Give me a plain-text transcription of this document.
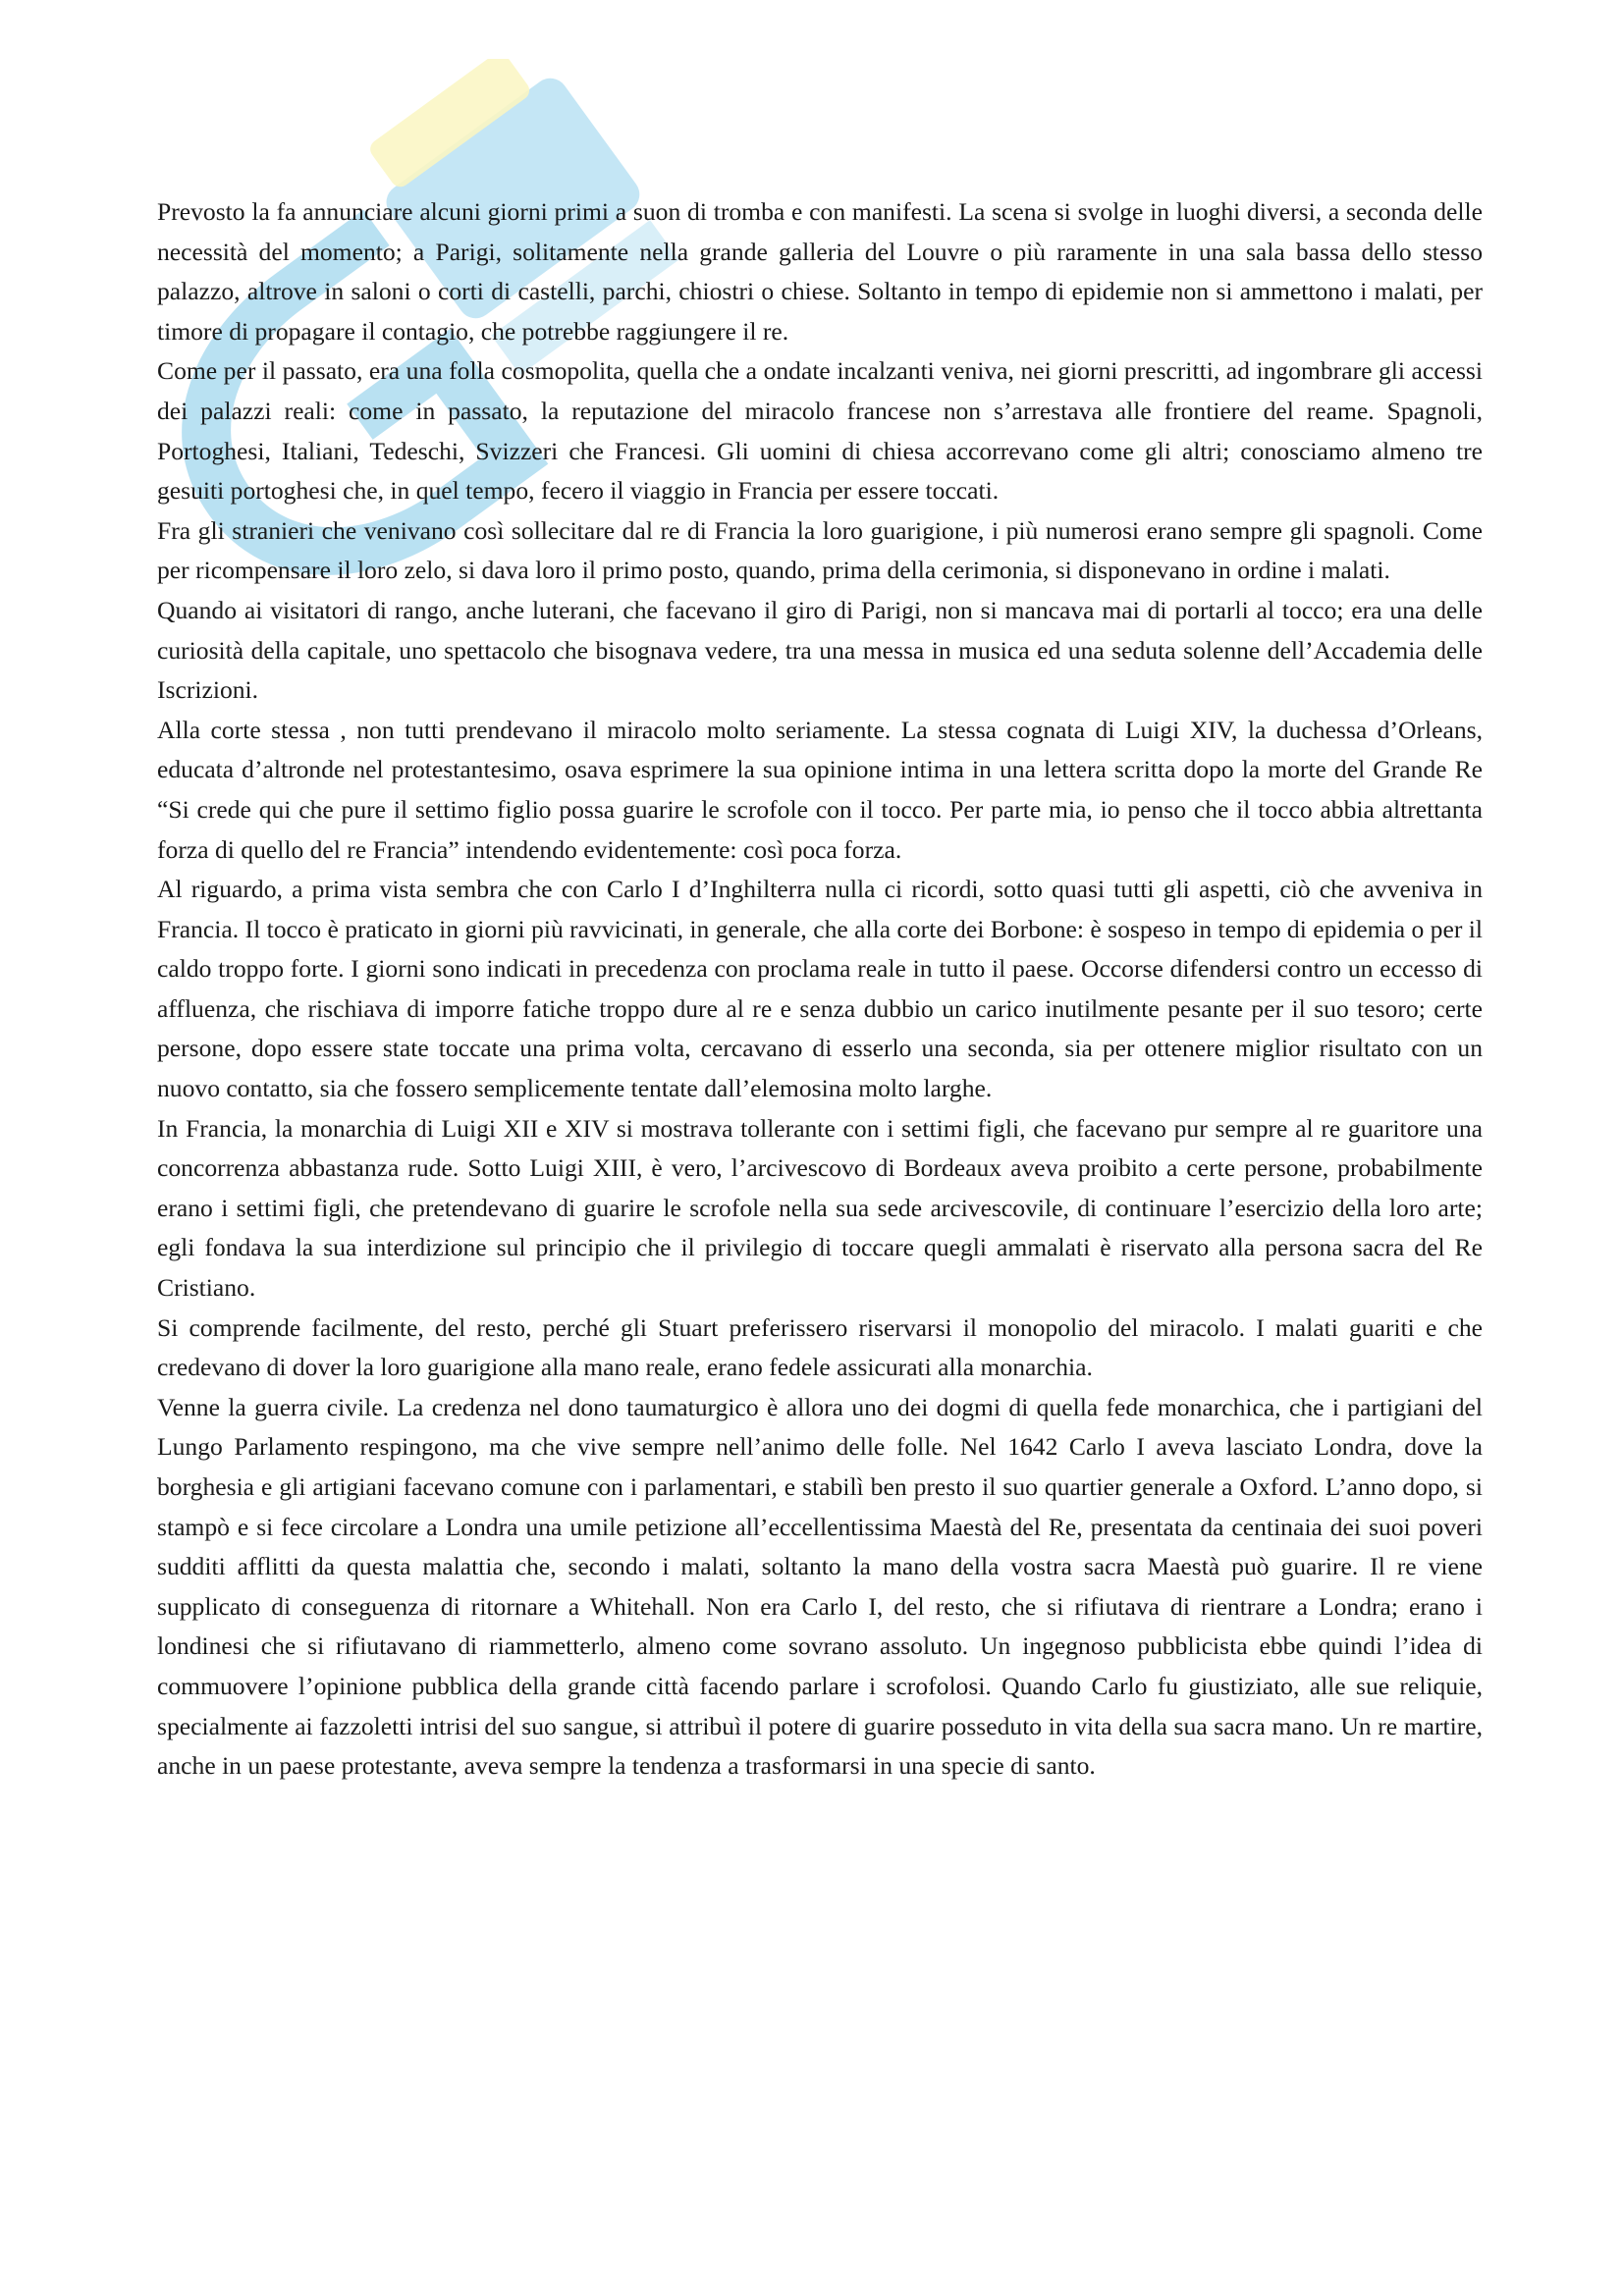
Prevosto la fa annunciare alcuni giorni primi a suon di tromba e con manifesti. La scena si svolge in luoghi diversi, a seconda delle necessità del momento; a Parigi, solitamente nella grande galleria del Louvre o più raramente in una sala bassa dello stesso palazzo, altrove in saloni o corti di castelli, parchi, chiostri o chiese. Soltanto in tempo di epidemie non si ammettono i malati, per timore di propagare il contagio, che potrebbe raggiungere il re.

Come per il passato, era una folla cosmopolita, quella che a ondate incalzanti veniva, nei giorni prescritti, ad ingombrare gli accessi dei palazzi reali: come in passato, la reputazione del miracolo francese non s’arrestava alle frontiere del reame. Spagnoli, Portoghesi, Italiani, Tedeschi, Svizzeri che Francesi. Gli uomini di chiesa accorrevano come gli altri; conosciamo almeno tre gesuiti portoghesi che, in quel tempo, fecero il viaggio in Francia per essere toccati.

Fra gli stranieri che venivano così sollecitare dal re di Francia la loro guarigione, i più numerosi erano sempre gli spagnoli. Come per ricompensare il loro zelo, si dava loro il primo posto, quando, prima della cerimonia, si disponevano in ordine i malati.

Quando ai visitatori di rango, anche luterani, che facevano il giro di Parigi, non si mancava mai di portarli al tocco; era una delle curiosità della capitale, uno spettacolo che bisognava vedere, tra una messa in musica ed una seduta solenne dell’Accademia delle Iscrizioni.

Alla corte stessa , non tutti prendevano il miracolo molto seriamente. La stessa cognata di Luigi XIV, la duchessa d’Orleans, educata d’altronde nel protestantesimo, osava esprimere la sua opinione intima in una lettera scritta dopo la morte del Grande Re “Si crede qui che pure il settimo figlio possa guarire le scrofole con il tocco. Per parte mia, io penso che il tocco abbia altrettanta forza di quello del re Francia” intendendo evidentemente: così poca forza.

Al riguardo, a prima vista sembra che con Carlo I d’Inghilterra nulla ci ricordi, sotto quasi tutti gli aspetti, ciò che avveniva in Francia. Il tocco è praticato in giorni più ravvicinati, in generale, che alla corte dei Borbone: è sospeso in tempo di epidemia o per il caldo troppo forte. I giorni sono indicati in precedenza con proclama reale in tutto il paese. Occorse difendersi contro un eccesso di affluenza, che rischiava di imporre fatiche troppo dure al re e senza dubbio un carico inutilmente pesante per il suo tesoro; certe persone, dopo essere state toccate una prima volta, cercavano di esserlo una seconda, sia per ottenere miglior risultato con un nuovo contatto, sia che fossero semplicemente tentate dall’elemosina molto larghe.

In Francia, la monarchia di Luigi XII e XIV si mostrava tollerante con i settimi figli, che facevano pur sempre al re guaritore una concorrenza abbastanza rude. Sotto Luigi XIII, è vero, l’arcivescovo di Bordeaux aveva proibito a certe persone, probabilmente erano i settimi figli, che pretendevano di guarire le scrofole nella sua sede arcivescovile, di continuare l’esercizio della loro arte; egli fondava la sua interdizione sul principio che il privilegio di toccare quegli ammalati è riservato alla persona sacra del Re Cristiano.

Si comprende facilmente, del resto, perché gli Stuart preferissero riservarsi il monopolio del miracolo. I malati guariti e che credevano di dover la loro guarigione alla mano reale, erano fedele assicurati alla monarchia.

Venne la guerra civile. La credenza nel dono taumaturgico è allora uno dei dogmi di quella fede monarchica, che i partigiani del Lungo Parlamento respingono, ma che vive sempre nell’animo delle folle. Nel 1642 Carlo I aveva lasciato Londra, dove la borghesia e gli artigiani facevano comune con i parlamentari, e stabilì ben presto il suo quartier generale a Oxford. L’anno dopo, si stampò e si fece circolare a Londra una umile petizione all’eccellentissima Maestà del Re, presentata da centinaia dei suoi poveri sudditi afflitti da questa malattia che, secondo i malati, soltanto la mano della vostra sacra Maestà può guarire. Il re viene supplicato di conseguenza di ritornare a Whitehall. Non era Carlo I, del resto, che si rifiutava di rientrare a Londra; erano i londinesi che si rifiutavano di riammetterlo, almeno come sovrano assoluto. Un ingegnoso pubblicista ebbe quindi l’idea di commuovere l’opinione pubblica della grande città facendo parlare i scrofolosi. Quando Carlo fu giustiziato, alle sue reliquie, specialmente ai fazzoletti intrisi del suo sangue, si attribuì il potere di guarire posseduto in vita della sua sacra mano. Un re martire, anche in un paese protestante, aveva sempre la tendenza a trasformarsi in una specie di santo.
